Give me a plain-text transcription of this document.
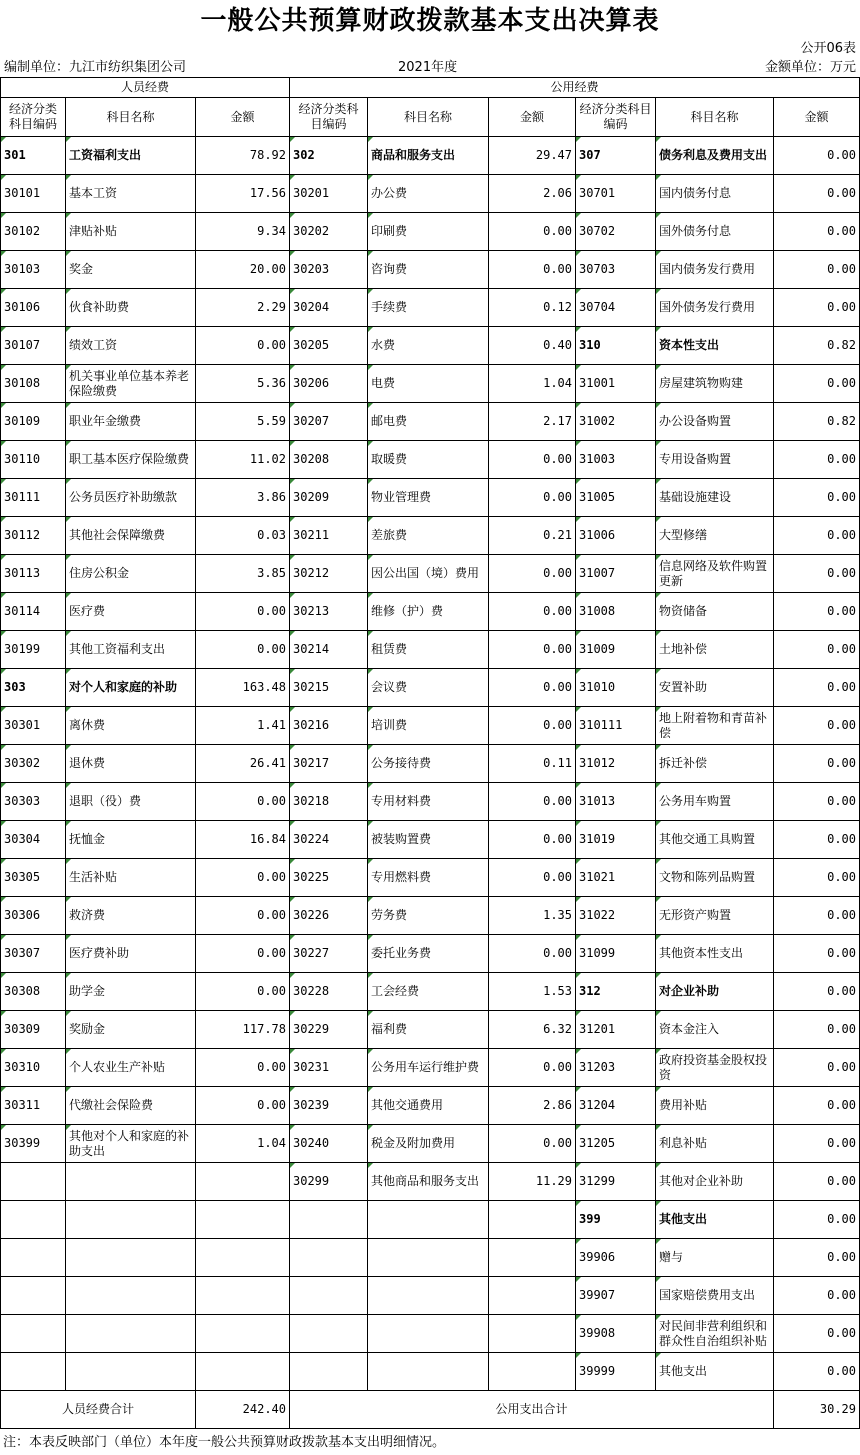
一般公共预算财政拨款基本支出决算表
公开06表
编制单位：九江市纺织集团公司	2021年度	金额单位：万元
人员经费			公用经费					
经济分类科目编码	科目名称	金额	经济分类科目编码	科目名称	金额	经济分类科目编码	科目名称	金额
301	工资福利支出	78.92	302	商品和服务支出	29.47	307	债务利息及费用支出	0.00
30101	基本工资	17.56	30201	办公费	2.06	30701	国内债务付息	0.00
30102	津贴补贴	9.34	30202	印刷费	0.00	30702	国外债务付息	0.00
30103	奖金	20.00	30203	咨询费	0.00	30703	国内债务发行费用	0.00
30106	伙食补助费	2.29	30204	手续费	0.12	30704	国外债务发行费用	0.00
30107	绩效工资	0.00	30205	水费	0.40	310	资本性支出	0.82
30108	机关事业单位基本养老保险缴费	5.36	30206	电费	1.04	31001	房屋建筑物购建	0.00
30109	职业年金缴费	5.59	30207	邮电费	2.17	31002	办公设备购置	0.82
30110	职工基本医疗保险缴费	11.02	30208	取暖费	0.00	31003	专用设备购置	0.00
30111	公务员医疗补助缴款	3.86	30209	物业管理费	0.00	31005	基础设施建设	0.00
30112	其他社会保障缴费	0.03	30211	差旅费	0.21	31006	大型修缮	0.00
30113	住房公积金	3.85	30212	因公出国（境）费用	0.00	31007	信息网络及软件购置更新	0.00
30114	医疗费	0.00	30213	维修（护）费	0.00	31008	物资储备	0.00
30199	其他工资福利支出	0.00	30214	租赁费	0.00	31009	土地补偿	0.00
303	对个人和家庭的补助	163.48	30215	会议费	0.00	31010	安置补助	0.00
30301	离休费	1.41	30216	培训费	0.00	310111	地上附着物和青苗补偿	0.00
30302	退休费	26.41	30217	公务接待费	0.11	31012	拆迁补偿	0.00
30303	退职（役）费	0.00	30218	专用材料费	0.00	31013	公务用车购置	0.00
30304	抚恤金	16.84	30224	被装购置费	0.00	31019	其他交通工具购置	0.00
30305	生活补贴	0.00	30225	专用燃料费	0.00	31021	文物和陈列品购置	0.00
30306	救济费	0.00	30226	劳务费	1.35	31022	无形资产购置	0.00
30307	医疗费补助	0.00	30227	委托业务费	0.00	31099	其他资本性支出	0.00
30308	助学金	0.00	30228	工会经费	1.53	312	对企业补助	0.00
30309	奖励金	117.78	30229	福利费	6.32	31201	资本金注入	0.00
30310	个人农业生产补贴	0.00	30231	公务用车运行维护费	0.00	31203	政府投资基金股权投资	0.00
30311	代缴社会保险费	0.00	30239	其他交通费用	2.86	31204	费用补贴	0.00
30399	其他对个人和家庭的补助支出	1.04	30240	税金及附加费用	0.00	31205	利息补贴	0.00
			30299	其他商品和服务支出	11.29	31299	其他对企业补助	0.00
						399	其他支出	0.00
						39906	赠与	0.00
						39907	国家赔偿费用支出	0.00
						39908	对民间非营利组织和群众性自治组织补贴	0.00
						39999	其他支出	0.00
人员经费合计		242.40	公用支出合计					30.29
注：本表反映部门（单位）本年度一般公共预算财政拨款基本支出明细情况。
